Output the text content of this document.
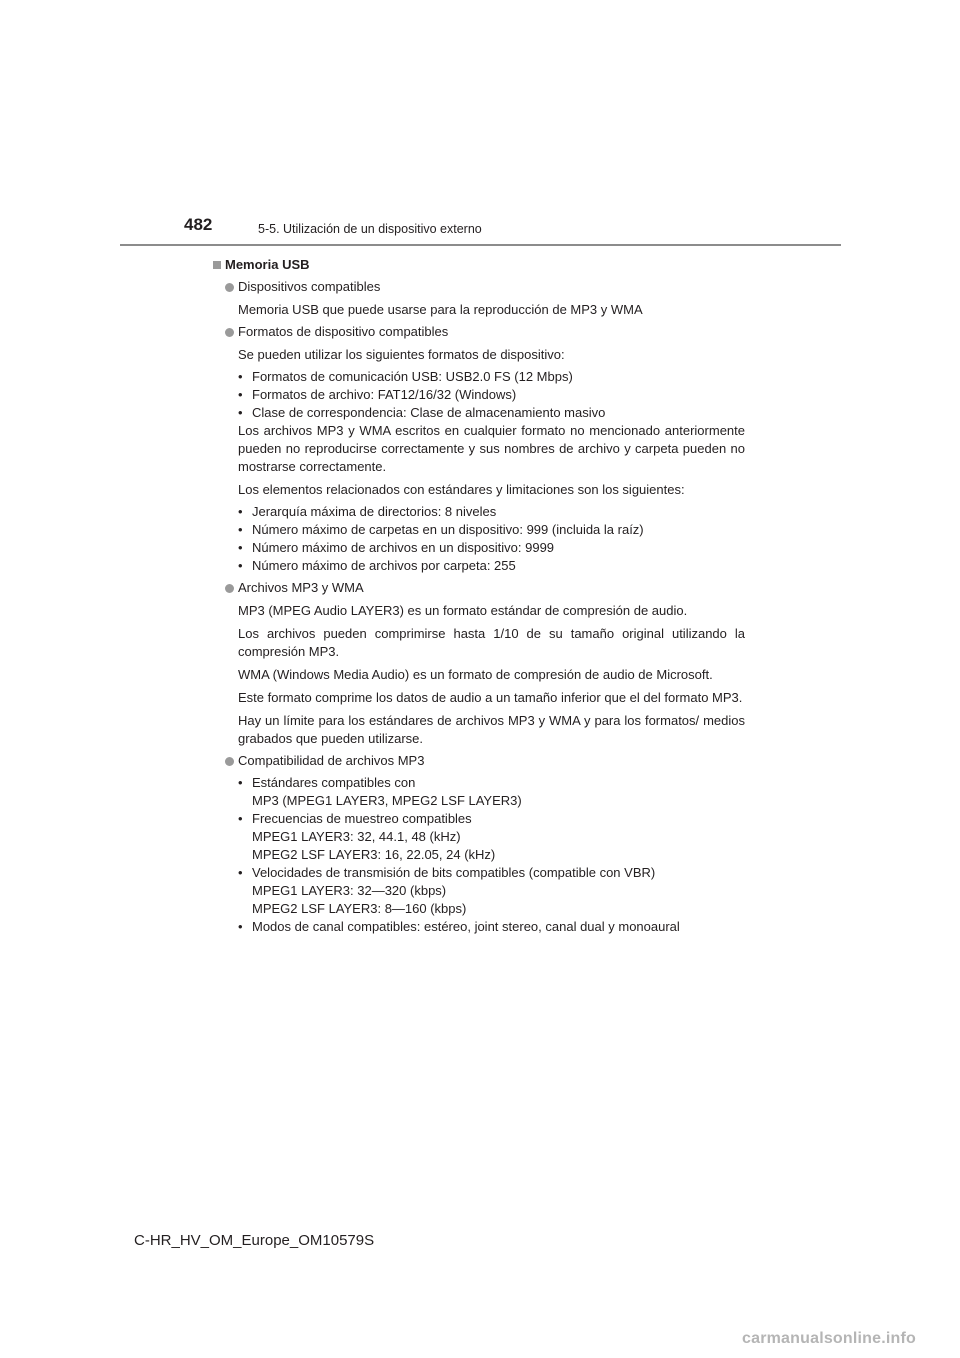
482	5-5. Utilización de un dispositivo externo
Memoria USB
Dispositivos compatibles
Memoria USB que puede usarse para la reproducción de MP3 y WMA
Formatos de dispositivo compatibles
Se pueden utilizar los siguientes formatos de dispositivo:
• Formatos de comunicación USB: USB2.0 FS (12 Mbps)
• Formatos de archivo: FAT12/16/32 (Windows)
• Clase de correspondencia: Clase de almacenamiento masivo
Los archivos MP3 y WMA escritos en cualquier formato no mencionado anteriormente pueden no reproducirse correctamente y sus nombres de archivo y carpeta pueden no mostrarse correctamente.
Los elementos relacionados con estándares y limitaciones son los siguientes:
• Jerarquía máxima de directorios: 8 niveles
• Número máximo de carpetas en un dispositivo: 999 (incluida la raíz)
• Número máximo de archivos en un dispositivo: 9999
• Número máximo de archivos por carpeta: 255
Archivos MP3 y WMA
MP3 (MPEG Audio LAYER3) es un formato estándar de compresión de audio.
Los archivos pueden comprimirse hasta 1/10 de su tamaño original utilizando la compresión MP3.
WMA (Windows Media Audio) es un formato de compresión de audio de Microsoft.
Este formato comprime los datos de audio a un tamaño inferior que el del formato MP3.
Hay un límite para los estándares de archivos MP3 y WMA y para los formatos/ medios grabados que pueden utilizarse.
Compatibilidad de archivos MP3
• Estándares compatibles con
MP3 (MPEG1 LAYER3, MPEG2 LSF LAYER3)
• Frecuencias de muestreo compatibles
MPEG1 LAYER3: 32, 44.1, 48 (kHz)
MPEG2 LSF LAYER3: 16, 22.05, 24 (kHz)
• Velocidades de transmisión de bits compatibles (compatible con VBR)
MPEG1 LAYER3: 32—320 (kbps)
MPEG2 LSF LAYER3: 8—160 (kbps)
• Modos de canal compatibles: estéreo, joint stereo, canal dual y monoaural
C-HR_HV_OM_Europe_OM10579S
carmanualsonline.info
